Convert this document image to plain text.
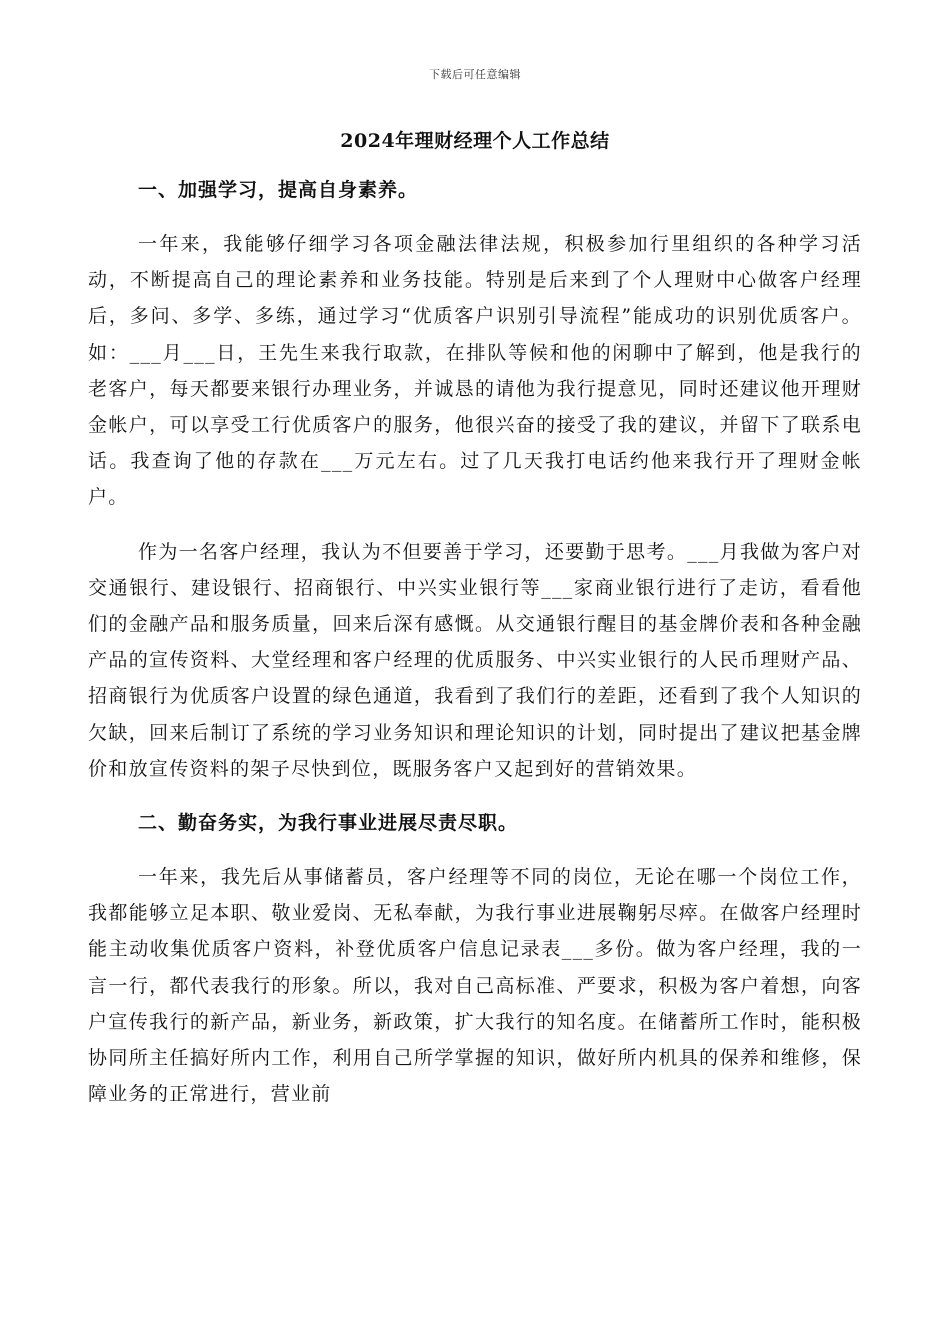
下载后可任意编辑
2024年理财经理个人工作总结
一、加强学习，提高自身素养。
一年来，我能够仔细学习各项金融法律法规，积极参加行里组织的各种学习活动，不断提高自己的理论素养和业务技能。特别是后来到了个人理财中心做客户经理后，多问、多学、多练，通过学习“优质客户识别引导流程”能成功的识别优质客户。如：___月___日，王先生来我行取款，在排队等候和他的闲聊中了解到，他是我行的老客户，每天都要来银行办理业务，并诚恳的请他为我行提意见，同时还建议他开理财金帐户，可以享受工行优质客户的服务，他很兴奋的接受了我的建议，并留下了联系电话。我查询了他的存款在___万元左右。过了几天我打电话约他来我行开了理财金帐户。
作为一名客户经理，我认为不但要善于学习，还要勤于思考。___月我做为客户对交通银行、建设银行、招商银行、中兴实业银行等___家商业银行进行了走访，看看他们的金融产品和服务质量，回来后深有感慨。从交通银行醒目的基金牌价表和各种金融产品的宣传资料、大堂经理和客户经理的优质服务、中兴实业银行的人民币理财产品、招商银行为优质客户设置的绿色通道，我看到了我们行的差距，还看到了我个人知识的欠缺，回来后制订了系统的学习业务知识和理论知识的计划，同时提出了建议把基金牌价和放宣传资料的架子尽快到位，既服务客户又起到好的营销效果。
二、勤奋务实，为我行事业进展尽责尽职。
一年来，我先后从事储蓄员，客户经理等不同的岗位，无论在哪一个岗位工作，我都能够立足本职、敬业爱岗、无私奉献，为我行事业进展鞠躬尽瘁。在做客户经理时能主动收集优质客户资料，补登优质客户信息记录表___多份。做为客户经理，我的一言一行，都代表我行的形象。所以，我对自己高标准、严要求，积极为客户着想，向客户宣传我行的新产品，新业务，新政策，扩大我行的知名度。在储蓄所工作时，能积极协同所主任搞好所内工作，利用自己所学掌握的知识，做好所内机具的保养和维修，保障业务的正常进行，营业前
